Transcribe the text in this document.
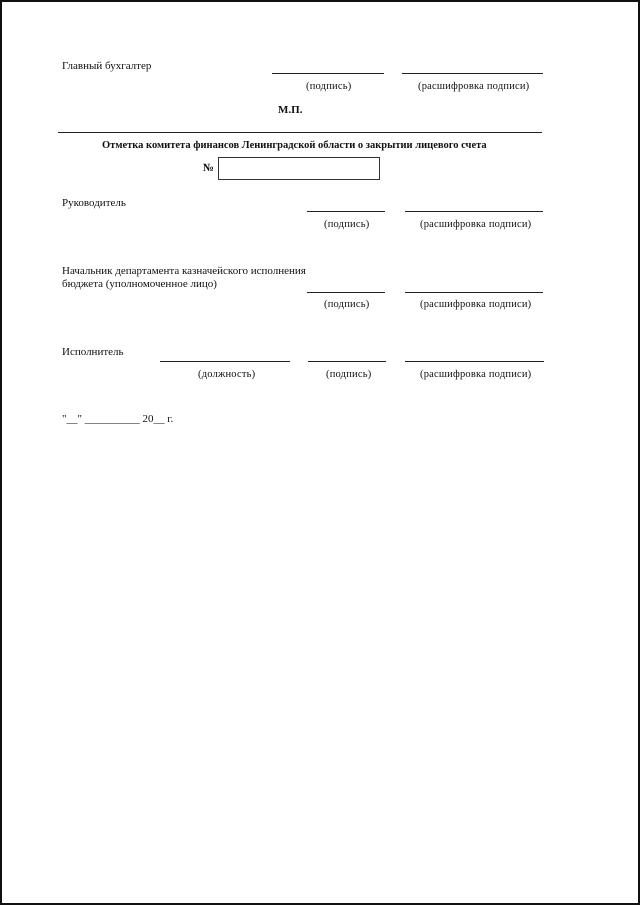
Главный бухгалтер
(подпись)	(расшифровка подписи)
М.П.
Отметка комитета финансов Ленинградской области о закрытии лицевого счета
№
Руководитель
(подпись)	(расшифровка подписи)
Начальник департамента казначейского исполнения
бюджета (уполномоченное лицо)
(подпись)	(расшифровка подписи)
Исполнитель
(должность)	(подпись)	(расшифровка подписи)
"__" __________ 20__ г.
